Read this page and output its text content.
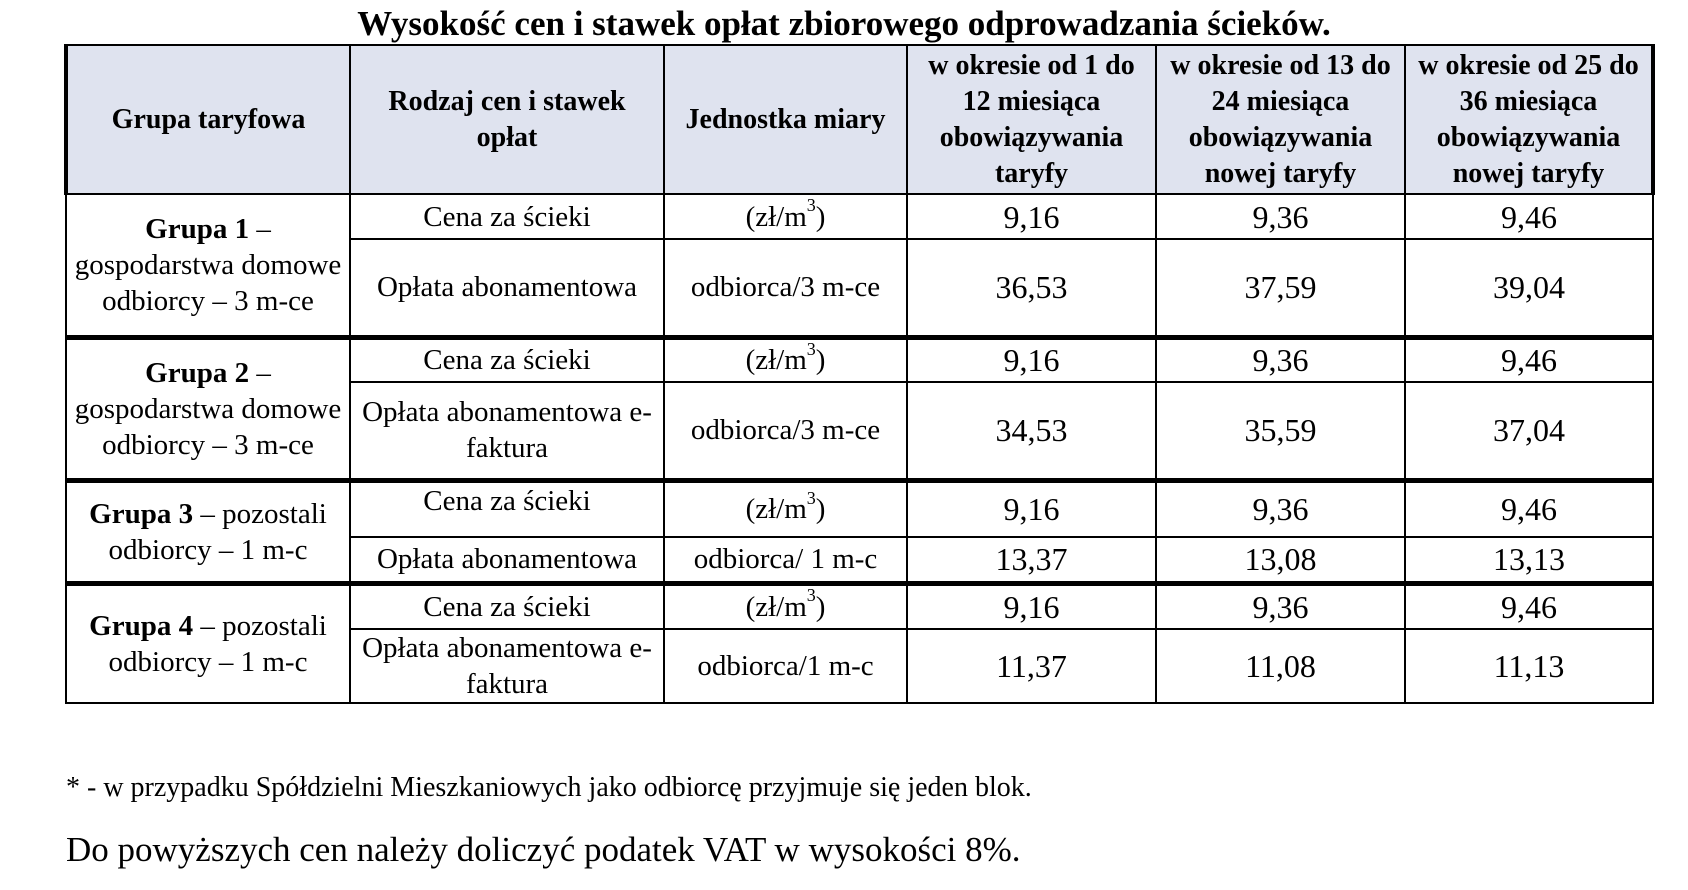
Wysokość cen i stawek opłat zbiorowego odprowadzania ścieków.
Grupa taryfowa	Rodzaj cen i stawek opłat	Jednostka miary	w okresie od 1 do 12 miesiąca obowiązywania taryfy	w okresie od 13 do 24 miesiąca obowiązywania nowej taryfy	w okresie od 25 do 36 miesiąca obowiązywania nowej taryfy
Grupa 1 – gospodarstwa domowe odbiorcy – 3 m-ce	Cena za ścieki	$(zł/m^3)$	9,16	9,36	9,46
	Opłata abonamentowa	odbiorca/3 m-ce	36,53	37,59	39,04
Grupa 2 – gospodarstwa domowe odbiorcy – 3 m-ce	Cena za ścieki	$(zł/m^3)$	9,16	9,36	9,46
	Opłata abonamentowa e-faktura	odbiorca/3 m-ce	34,53	35,59	37,04
Grupa 3 – pozostali odbiorcy – 1 m-c	Cena za ścieki	$(zł/m^3)$	9,16	9,36	9,46
	Opłata abonamentowa	odbiorca/ 1 m-c	13,37	13,08	13,13
Grupa 4 – pozostali odbiorcy – 1 m-c	Cena za ścieki	$(zł/m^3)$	9,16	9,36	9,46
	Opłata abonamentowa e-faktura	odbiorca/1 m-c	11,37	11,08	11,13
* - w przypadku Spółdzielni Mieszkaniowych jako odbiorcę przyjmuje się jeden blok.
Do powyższych cen należy doliczyć podatek VAT w wysokości 8%.
